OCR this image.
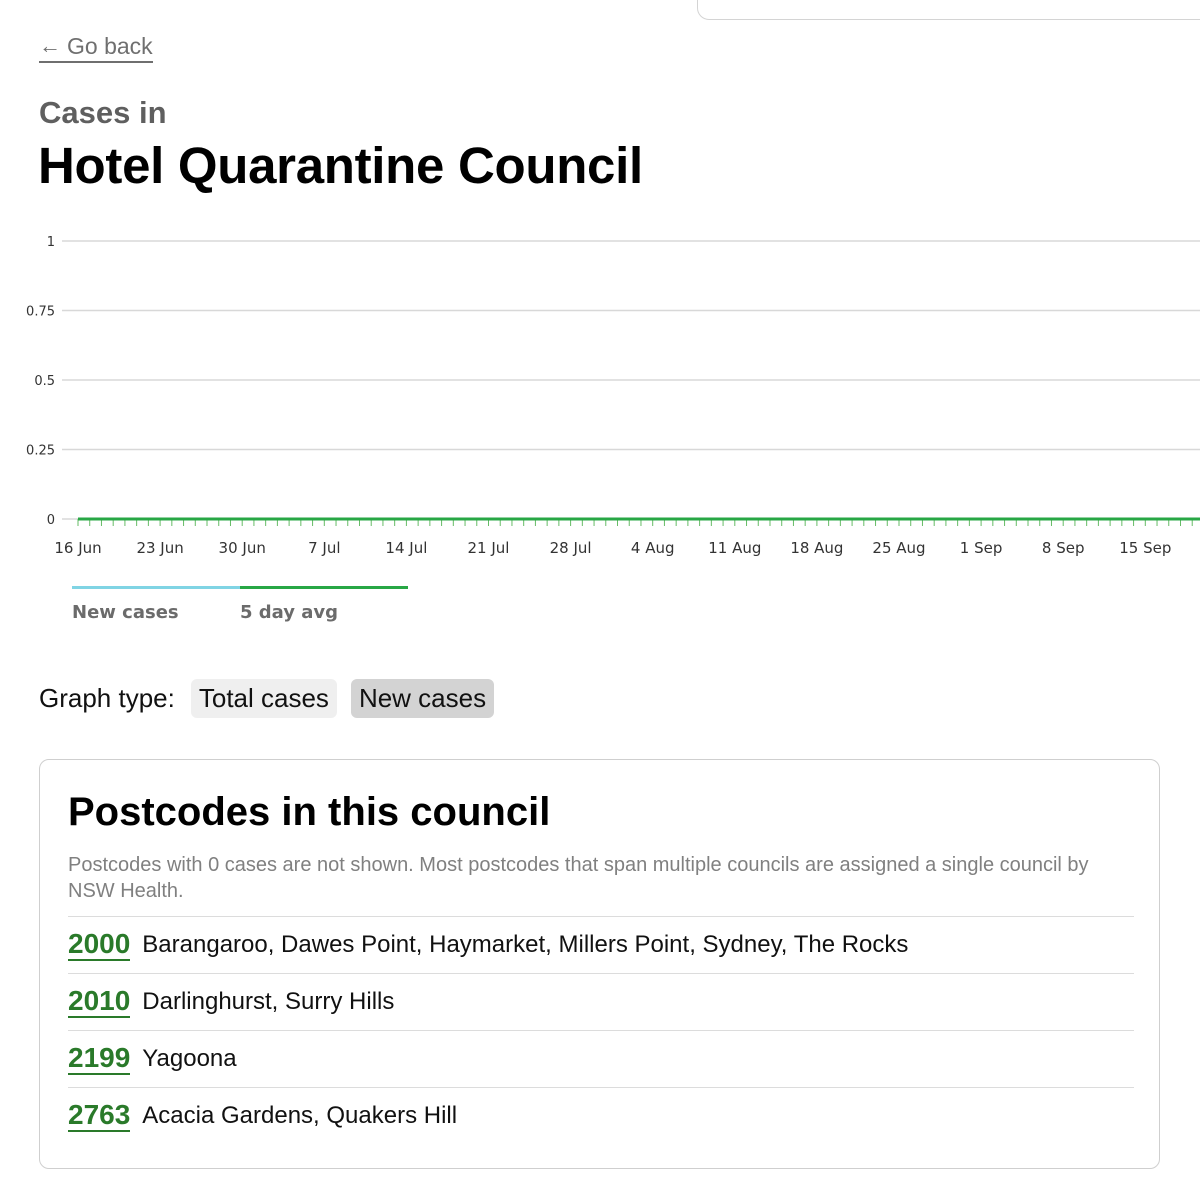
← Go back
Cases in
Hotel Quarantine Council
0
0.25
0.5
0.75
1
16 Jun 23 Jun 30 Jun	7 Jul	14 Jul	21 Jul	28 Jul	4 Aug 11 Aug 18 Aug 25 Aug 1 Sep	8 Sep 15 Sep
New cases	5 day avg
Graph type: Total cases	New cases
Postcodes in this council
Postcodes with 0 cases are not shown. Most postcodes that span multiple councils are assigned a single council by NSW Health.
2000 Barangaroo, Dawes Point, Haymarket, Millers Point, Sydney, The Rocks
2010 Darlinghurst, Surry Hills
2199 Yagoona
2763 Acacia Gardens, Quakers Hill
